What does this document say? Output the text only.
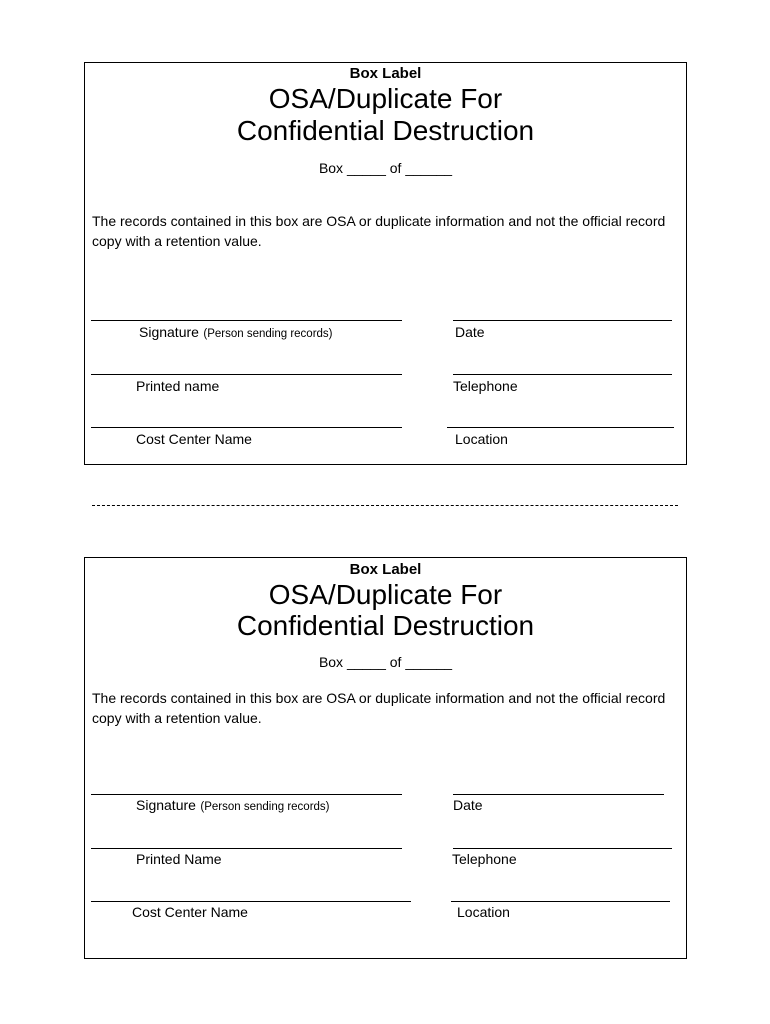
Box Label
OSA/Duplicate For
Confidential Destruction
Box _____ of ______
The records contained in this box are OSA or duplicate information and not the official record copy with a retention value.
Signature (Person sending records)	Date
Printed name	Telephone
Cost Center Name	Location
Box Label
OSA/Duplicate For
Confidential Destruction
Box _____ of ______
The records contained in this box are OSA or duplicate information and not the official record copy with a retention value.
Signature (Person sending records)	Date
Printed Name	Telephone
Cost Center Name	Location
